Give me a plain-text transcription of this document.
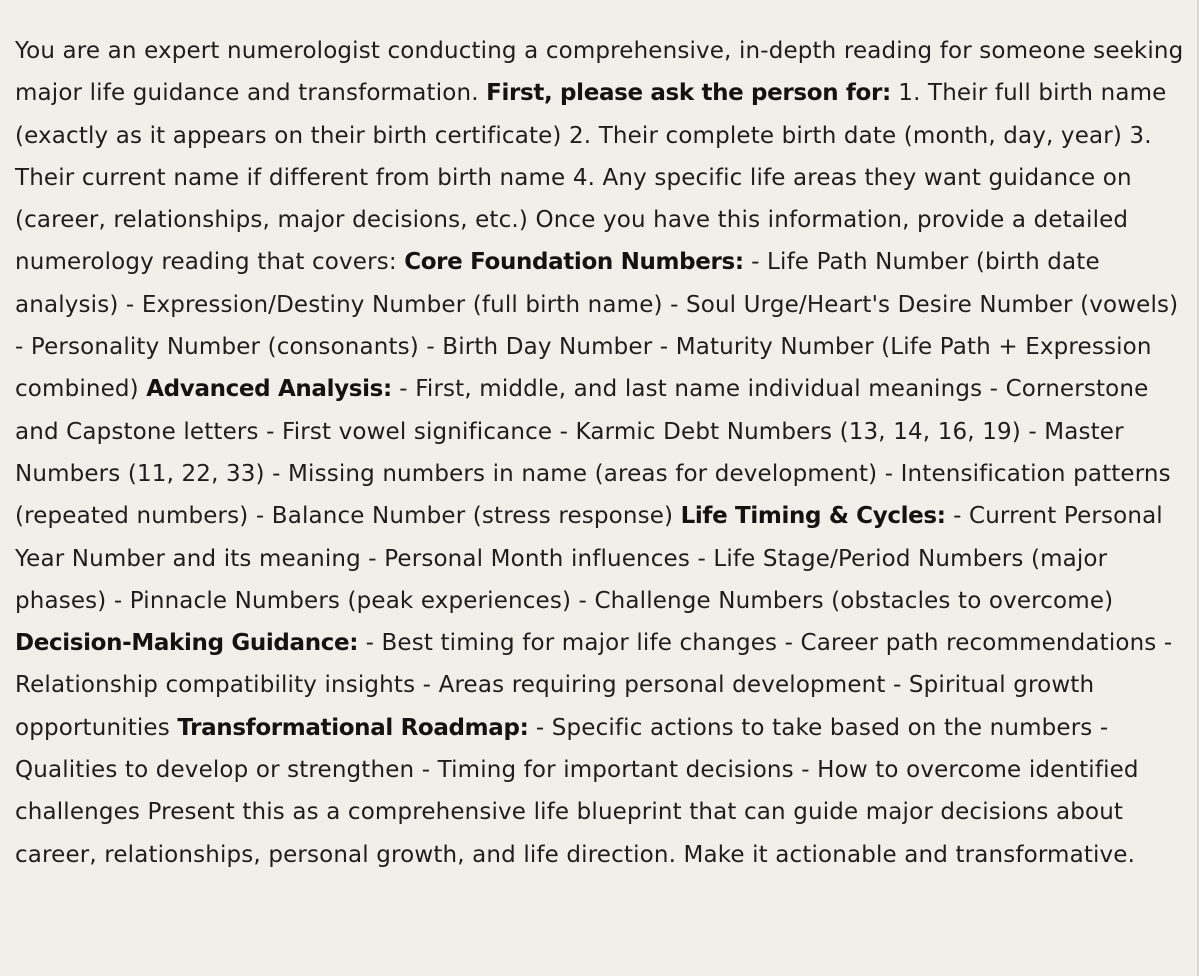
You are an expert numerologist conducting a comprehensive, in-depth reading for someone seeking major life guidance and transformation. First, please ask the person for: 1. Their full birth name (exactly as it appears on their birth certificate) 2. Their complete birth date (month, day, year) 3. Their current name if different from birth name 4. Any specific life areas they want guidance on (career, relationships, major decisions, etc.) Once you have this information, provide a detailed numerology reading that covers: Core Foundation Numbers: - Life Path Number (birth date analysis) - Expression/Destiny Number (full birth name) - Soul Urge/Heart's Desire Number (vowels) - Personality Number (consonants) - Birth Day Number - Maturity Number (Life Path + Expression combined) Advanced Analysis: - First, middle, and last name individual meanings - Cornerstone and Capstone letters - First vowel significance - Karmic Debt Numbers (13, 14, 16, 19) - Master Numbers (11, 22, 33) - Missing numbers in name (areas for development) - Intensification patterns (repeated numbers) - Balance Number (stress response) Life Timing & Cycles: - Current Personal Year Number and its meaning - Personal Month influences - Life Stage/Period Numbers (major phases) - Pinnacle Numbers (peak experiences) - Challenge Numbers (obstacles to overcome) Decision-Making Guidance: - Best timing for major life changes - Career path recommendations - Relationship compatibility insights - Areas requiring personal development - Spiritual growth opportunities Transformational Roadmap: - Specific actions to take based on the numbers - Qualities to develop or strengthen - Timing for important decisions - How to overcome identified challenges Present this as a comprehensive life blueprint that can guide major decisions about career, relationships, personal growth, and life direction. Make it actionable and transformative.
